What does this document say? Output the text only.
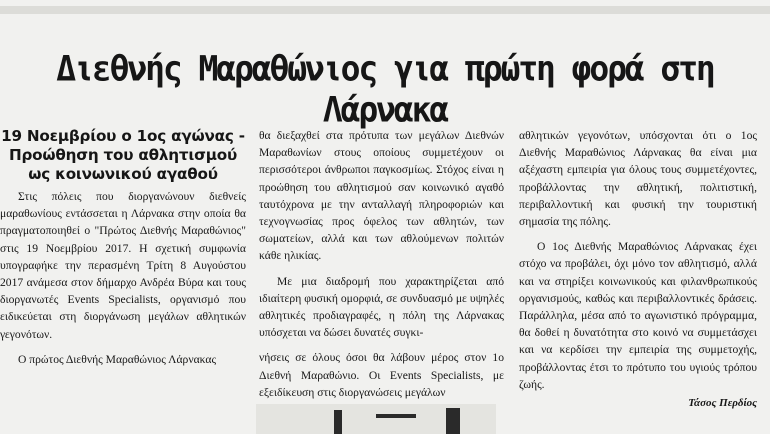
Διεθνής Μαραθώνιος για πρώτη φορά στη Λάρνακα
19 Νοεμβρίου ο 1ος αγώνας - Προώθηση του αθλητισμού ως κοινωνικού αγαθού

Στις πόλεις που διοργανώνουν διεθνείς μαραθωνίους εντάσσεται η Λάρνακα στην οποία θα πραγματοποιηθεί ο "Πρώτος Διεθνής Μαραθώνιος" στις 19 Νοεμβρίου 2017. Η σχετική συμφωνία υπογραφήκε την περασμένη Τρίτη 8 Αυγούστου 2017 ανάμεσα στον δήμαρχο Ανδρέα Βύρα και τους διοργανωτές Events Specialists, οργανισμό που ειδικεύεται στη διοργάνωση μεγάλων αθλητικών γεγονότων.

Ο πρώτος Διεθνής Μαραθώνιος Λάρνακας

θα διεξαχθεί στα πρότυπα των μεγάλων Διεθνών Μαραθωνίων στους οποίους συμμετέχουν οι περισσότεροι άνθρωποι παγκοσμίως. Στόχος είναι η προώθηση του αθλητισμού σαν κοινωνικό αγαθό ταυτόχρονα με την ανταλλαγή πληροφοριών και τεχνογνωσίας προς όφελος των αθλητών, των σωματείων, αλλά και των αθλούμενων πολιτών κάθε ηλικίας.

Με μια διαδρομή που χαρακτηρίζεται από ιδιαίτερη φυσική ομορφιά, σε συνδυασμό με υψηλές αθλητικές προδιαγραφές, η πόλη της Λάρνακας υπόσχεται να δώσει δυνατές συγκι-

νήσεις σε όλους όσοι θα λάβουν μέρος στον 1ο Διεθνή Μαραθώνιο. Οι Events Specialists, με εξειδίκευση στις διοργανώσεις μεγάλων

αθλητικών γεγονότων, υπόσχονται ότι ο 1ος Διεθνής Μαραθώνιος Λάρνακας θα είναι μια αξέχαστη εμπειρία για όλους τους συμμετέχοντες, προβάλλοντας την αθλητική, πολιτιστική, περιβαλλοντική και φυσική την τουριστική σημασία της πόλης.

Ο 1ος Διεθνής Μαραθώνιος Λάρνακας έχει στόχο να προβάλει, όχι μόνο τον αθλητισμό, αλλά και να στηρίξει κοινωνικούς και φιλανθρωπικούς οργανισμούς, καθώς και περιβαλλοντικές δράσεις. Παράλληλα, μέσα από το αγωνιστικό πρόγραμμα, θα δοθεί η δυνατότητα στο κοινό να συμμετάσχει και να κερδίσει την εμπειρία της συμμετοχής, προβάλλοντας έτσι το πρότυπο του υγιούς τρόπου ζωής.

Τάσος Περδίος
